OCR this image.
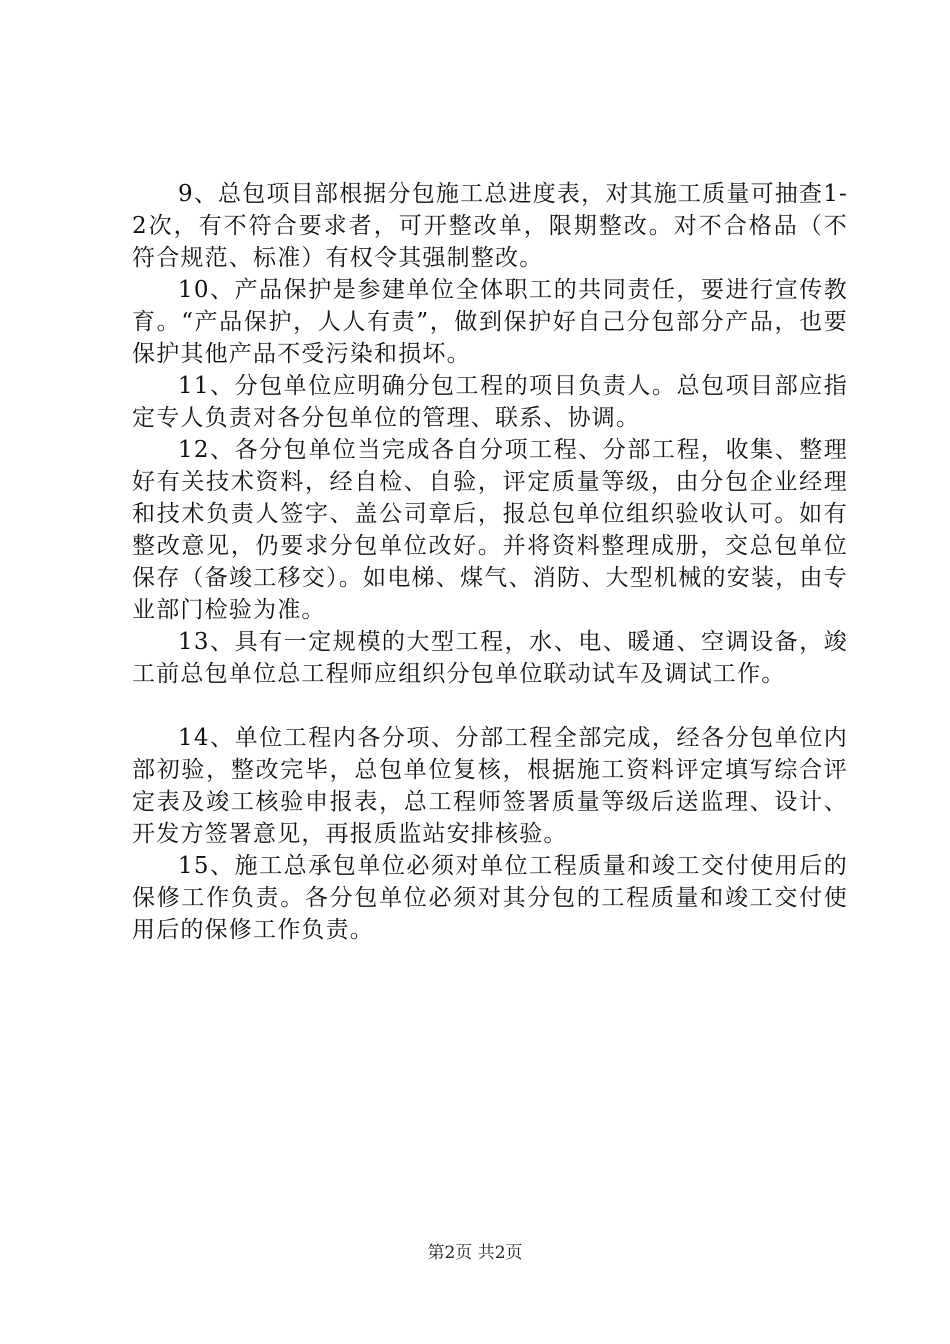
9、总包项目部根据分包施工总进度表，对其施工质量可抽查1-2次，有不符合要求者，可开整改单，限期整改。对不合格品（不符合规范、标准）有权令其强制整改。

10、产品保护是参建单位全体职工的共同责任，要进行宣传教育。“产品保护，人人有责”，做到保护好自己分包部分产品，也要保护其他产品不受污染和损坏。

11、分包单位应明确分包工程的项目负责人。总包项目部应指定专人负责对各分包单位的管理、联系、协调。

12、各分包单位当完成各自分项工程、分部工程，收集、整理好有关技术资料，经自检、自验，评定质量等级，由分包企业经理和技术负责人签字、盖公司章后，报总包单位组织验收认可。如有整改意见，仍要求分包单位改好。并将资料整理成册，交总包单位保存（备竣工移交）。如电梯、煤气、消防、大型机械的安装，由专业部门检验为准。

13、具有一定规模的大型工程，水、电、暖通、空调设备，竣工前总包单位总工程师应组织分包单位联动试车及调试工作。

14、单位工程内各分项、分部工程全部完成，经各分包单位内部初验，整改完毕，总包单位复核，根据施工资料评定填写综合评定表及竣工核验申报表，总工程师签署质量等级后送监理、设计、开发方签署意见，再报质监站安排核验。

15、施工总承包单位必须对单位工程质量和竣工交付使用后的保修工作负责。各分包单位必须对其分包的工程质量和竣工交付使用后的保修工作负责。

第2页 共2页
